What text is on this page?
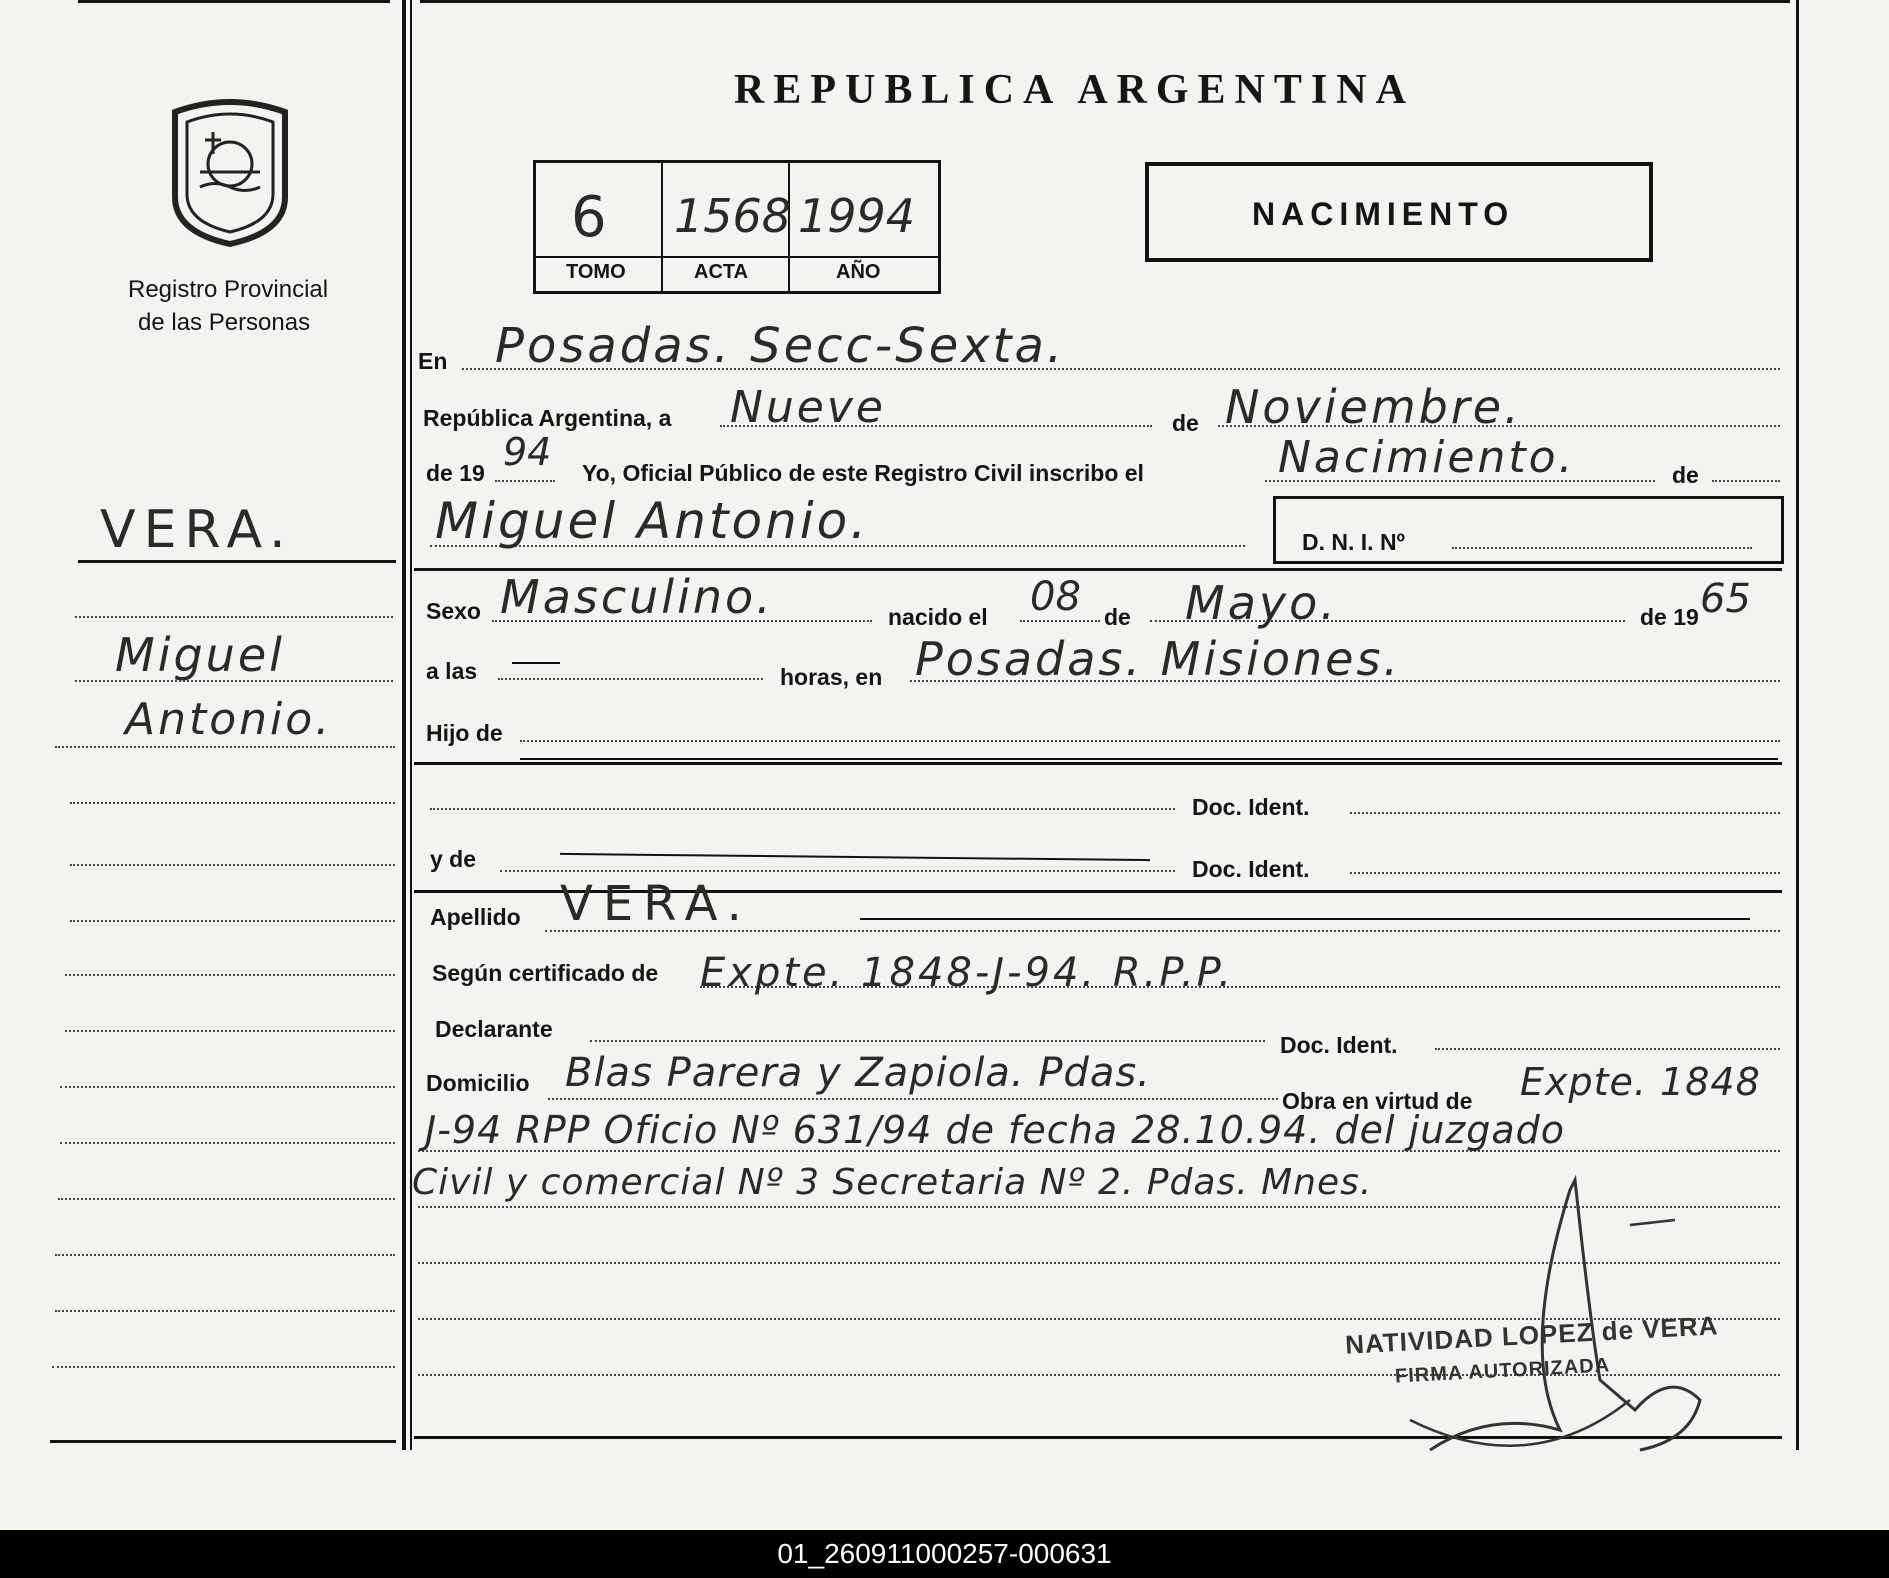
Registro Provincial
de las Personas
REPUBLICA ARGENTINA
6 1568 1994
TOMO	ACTA	AÑO
NACIMIENTO
En Posadas. Secc-Sexta.
República Argentina, a Nueve	de Noviembre.
de 19 94 Yo, Oficial Público de este Registro Civil inscribo el	Nacimiento.	de
Miguel Antonio.	D. N. I. Nº
Sexo Masculino.	nacido el 08 de Mayo.	de 19 65
a las	horas, en Posadas. Misiones.
Hijo de
Doc. Ident.
y de	Doc. Ident.
Apellido VERA.
Según certificado de Expte. 1848-J-94. R.P.P.
Declarante
Doc. Ident.
Domicilio Blas Parera y Zapiola. Pdas.
Obra en virtud de Expte. 1848
J-94 RPP Oficio Nº 631/94 de fecha 28.10.94. del juzgado
Civil y comercial Nº 3 Secretaria Nº 2. Pdas. Mnes.
NATIVIDAD LOPEZ de VERA
FIRMA AUTORIZADA
VERA.
Miguel
Antonio.
01_260911000257-000631
